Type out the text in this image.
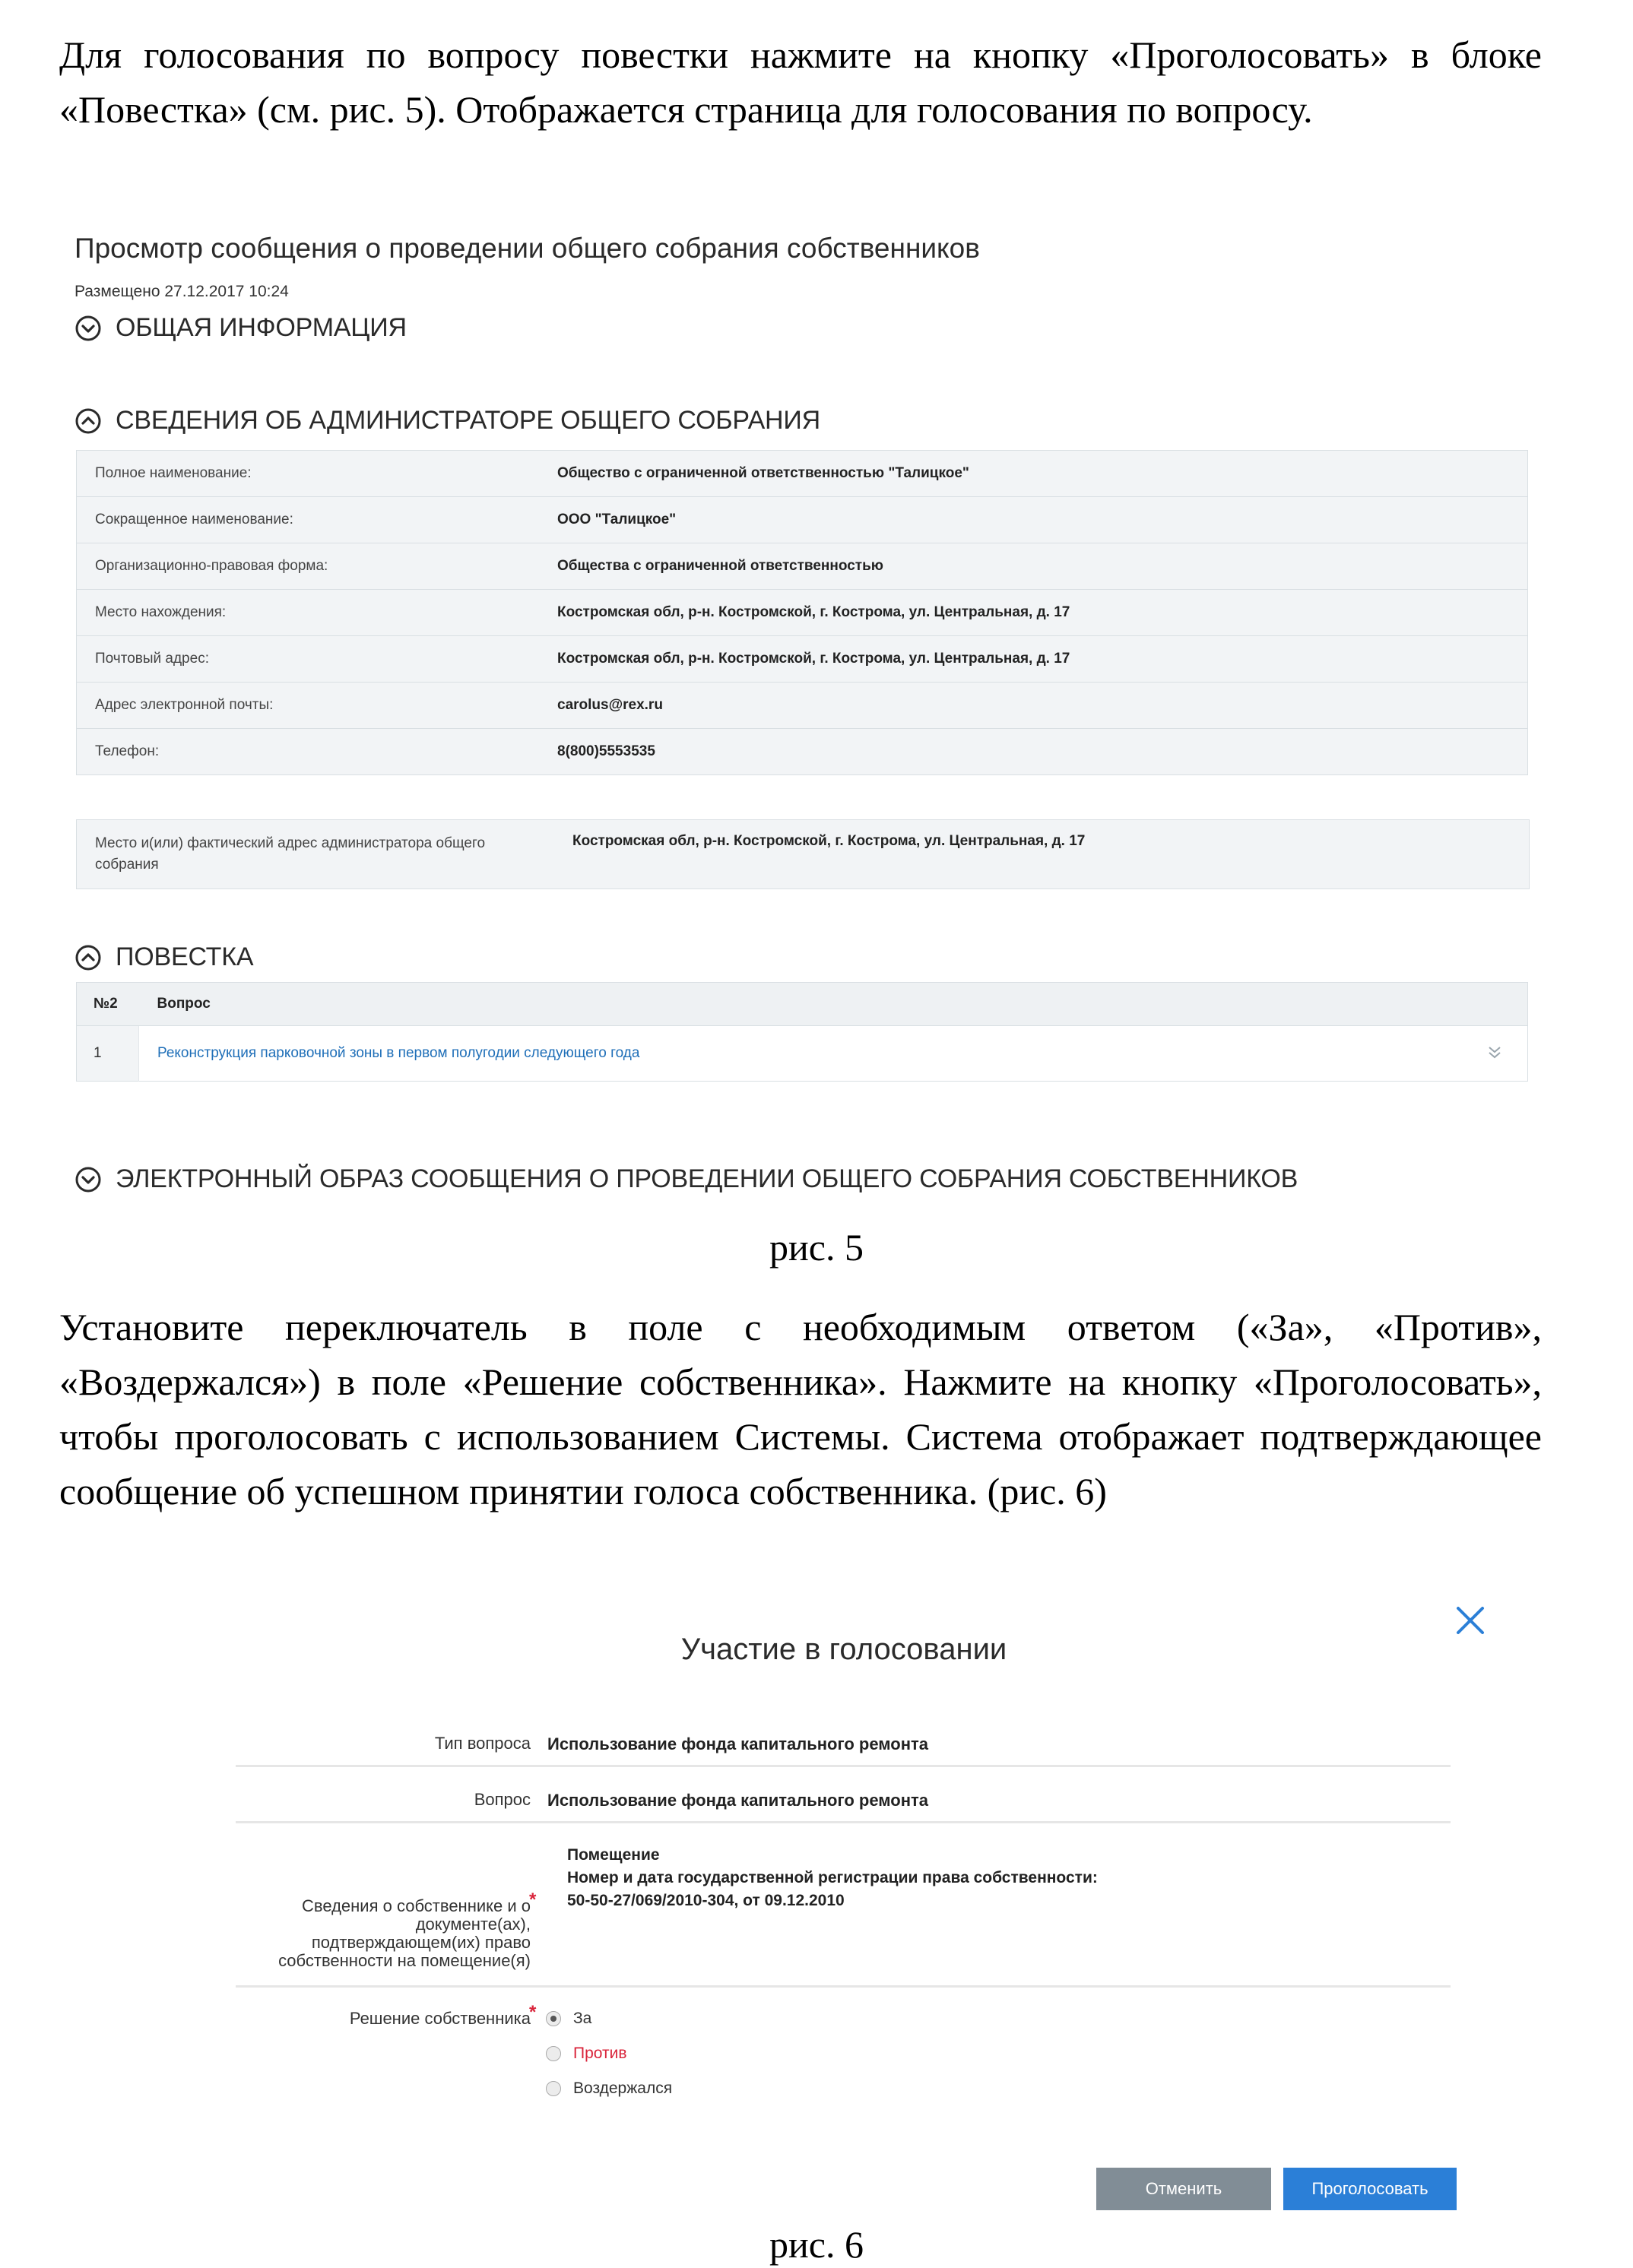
Для голосования по вопросу повестки нажмите на кнопку «Проголосовать» в блоке «Повестка» (см. рис. 5). Отображается страница для голосования по вопросу.

Просмотр сообщения о проведении общего собрания собственников
Размещено 27.12.2017 10:24
ОБЩАЯ ИНФОРМАЦИЯ
СВЕДЕНИЯ ОБ АДМИНИСТРАТОРЕ ОБЩЕГО СОБРАНИЯ
Полное наименование:	Общество с ограниченной ответственностью "Талицкое"
Сокращенное наименование:	ООО "Талицкое"
Организационно-правовая форма:	Общества с ограниченной ответственностью
Место нахождения:	Костромская обл, р-н. Костромской, г. Кострома, ул. Центральная, д. 17
Почтовый адрес:	Костромская обл, р-н. Костромской, г. Кострома, ул. Центральная, д. 17
Адрес электронной почты:	carolus@rex.ru
Телефон:	8(800)5553535
Место и(или) фактический адрес администратора общего собрания
Костромская обл, р-н. Костромской, г. Кострома, ул. Центральная, д. 17
ПОВЕСТКА
№2	Вопрос
1	Реконструкция парковочной зоны в первом полугодии следующего года
ЭЛЕКТРОННЫЙ ОБРАЗ СООБЩЕНИЯ О ПРОВЕДЕНИИ ОБЩЕГО СОБРАНИЯ СОБСТВЕННИКОВ

рис. 5

Установите переключатель в поле с необходимым ответом («За», «Против», «Воздержался») в поле «Решение собственника». Нажмите на кнопку «Проголосовать», чтобы проголосовать с использованием Системы. Система отображает подтверждающее сообщение об успешном принятии голоса собственника. (рис. 6)

Участие в голосовании
Тип вопроса Использование фонда капитального ремонта
Вопрос Использование фонда капитального ремонта
Сведения о собственнике и о документе(ах), подтверждающем(их) право собственности на помещение(я)
*
Помещение
Номер и дата государственной регистрации права собственности:
50-50-27/069/2010-304, от 09.12.2010
Решение собственника
* За
Против
Воздержался
Отменить	Проголосовать

рис. 6
